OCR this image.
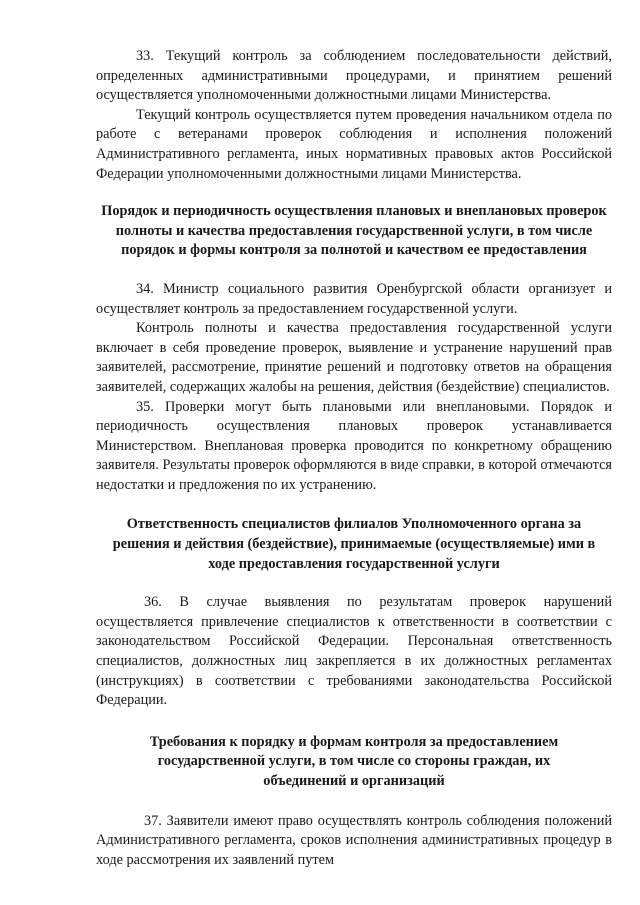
33. Текущий контроль за соблюдением последовательности действий, определенных административными процедурами, и принятием решений осуществляется уполномоченными должностными лицами Министерства.

Текущий контроль осуществляется путем проведения начальником отдела по работе с ветеранами проверок соблюдения и исполнения положений Административного регламента, иных нормативных правовых актов Российской Федерации уполномоченными должностными лицами Министерства.

Порядок и периодичность осуществления плановых и внеплановых проверок полноты и качества предоставления государственной услуги, в том числе порядок и формы контроля за полнотой и качеством ее предоставления

34. Министр социального развития Оренбургской области организует и осуществляет контроль за предоставлением государственной услуги.

Контроль полноты и качества предоставления государственной услуги включает в себя проведение проверок, выявление и устранение нарушений прав заявителей, рассмотрение, принятие решений и подготовку ответов на обращения заявителей, содержащих жалобы на решения, действия (бездействие) специалистов.

35. Проверки могут быть плановыми или внеплановыми. Порядок и периодичность осуществления плановых проверок устанавливается Министерством. Внеплановая проверка проводится по конкретному обращению заявителя. Результаты проверок оформляются в виде справки, в которой отмечаются недостатки и предложения по их устранению.

Ответственность специалистов филиалов Уполномоченного органа за решения и действия (бездействие), принимаемые (осуществляемые) ими в ходе предоставления государственной услуги

36. В случае выявления по результатам проверок нарушений осуществляется привлечение специалистов к ответственности в соответствии с законодательством Российской Федерации. Персональная ответственность специалистов, должностных лиц закрепляется в их должностных регламентах (инструкциях) в соответствии с требованиями законодательства Российской Федерации.

Требования к порядку и формам контроля за предоставлением государственной услуги, в том числе со стороны граждан, их объединений и организаций

37. Заявители имеют право осуществлять контроль соблюдения положений Административного регламента, сроков исполнения административных процедур в ходе рассмотрения их заявлений путем
